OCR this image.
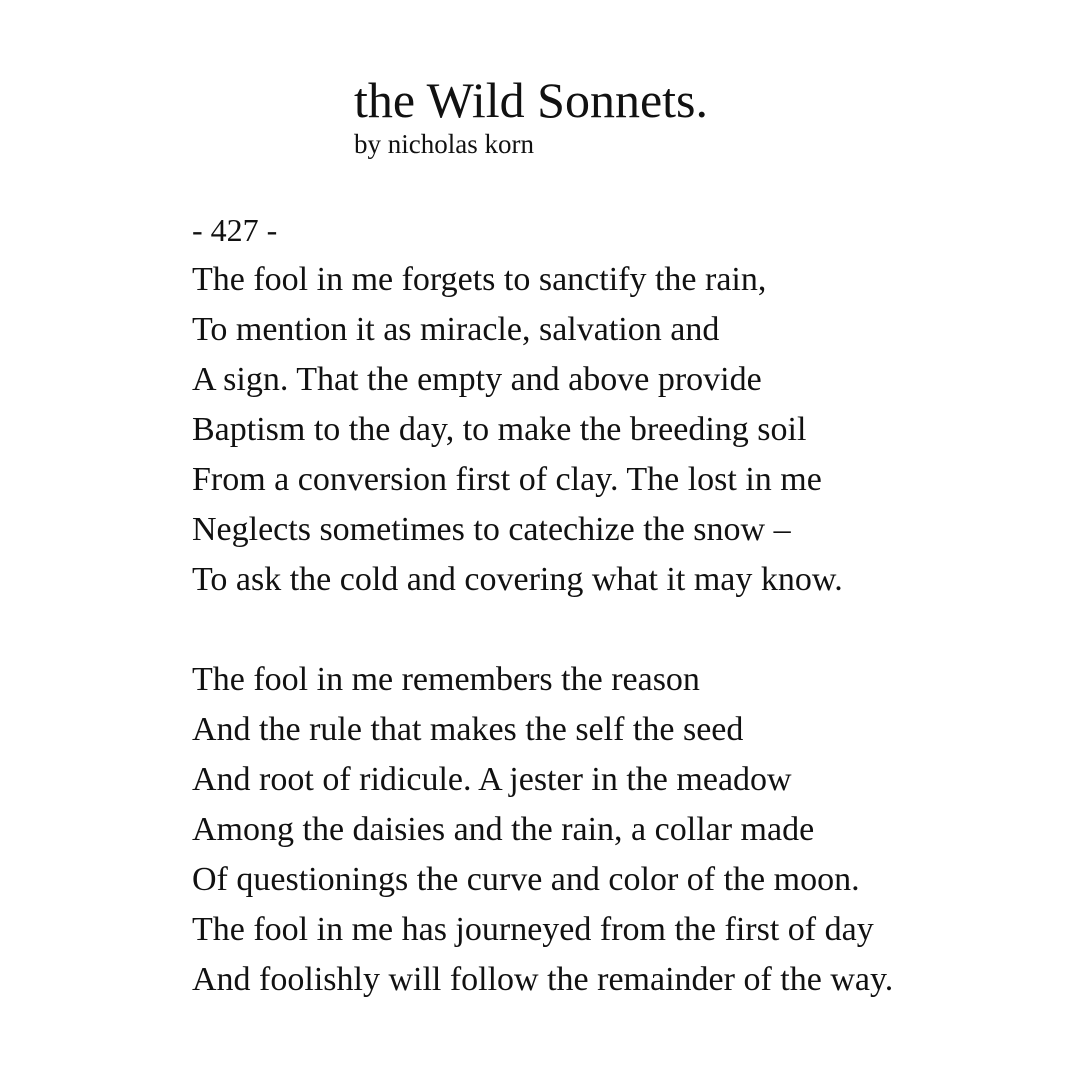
the Wild Sonnets.

by nicholas korn

- 427 -

The fool in me forgets to sanctify the rain,
To mention it as miracle, salvation and
A sign. That the empty and above provide
Baptism to the day, to make the breeding soil
From a conversion first of clay. The lost in me
Neglects sometimes to catechize the snow –
To ask the cold and covering what it may know.
The fool in me remembers the reason
And the rule that makes the self the seed
And root of ridicule. A jester in the meadow
Among the daisies and the rain, a collar made
Of questionings the curve and color of the moon.
The fool in me has journeyed from the first of day
And foolishly will follow the remainder of the way.
